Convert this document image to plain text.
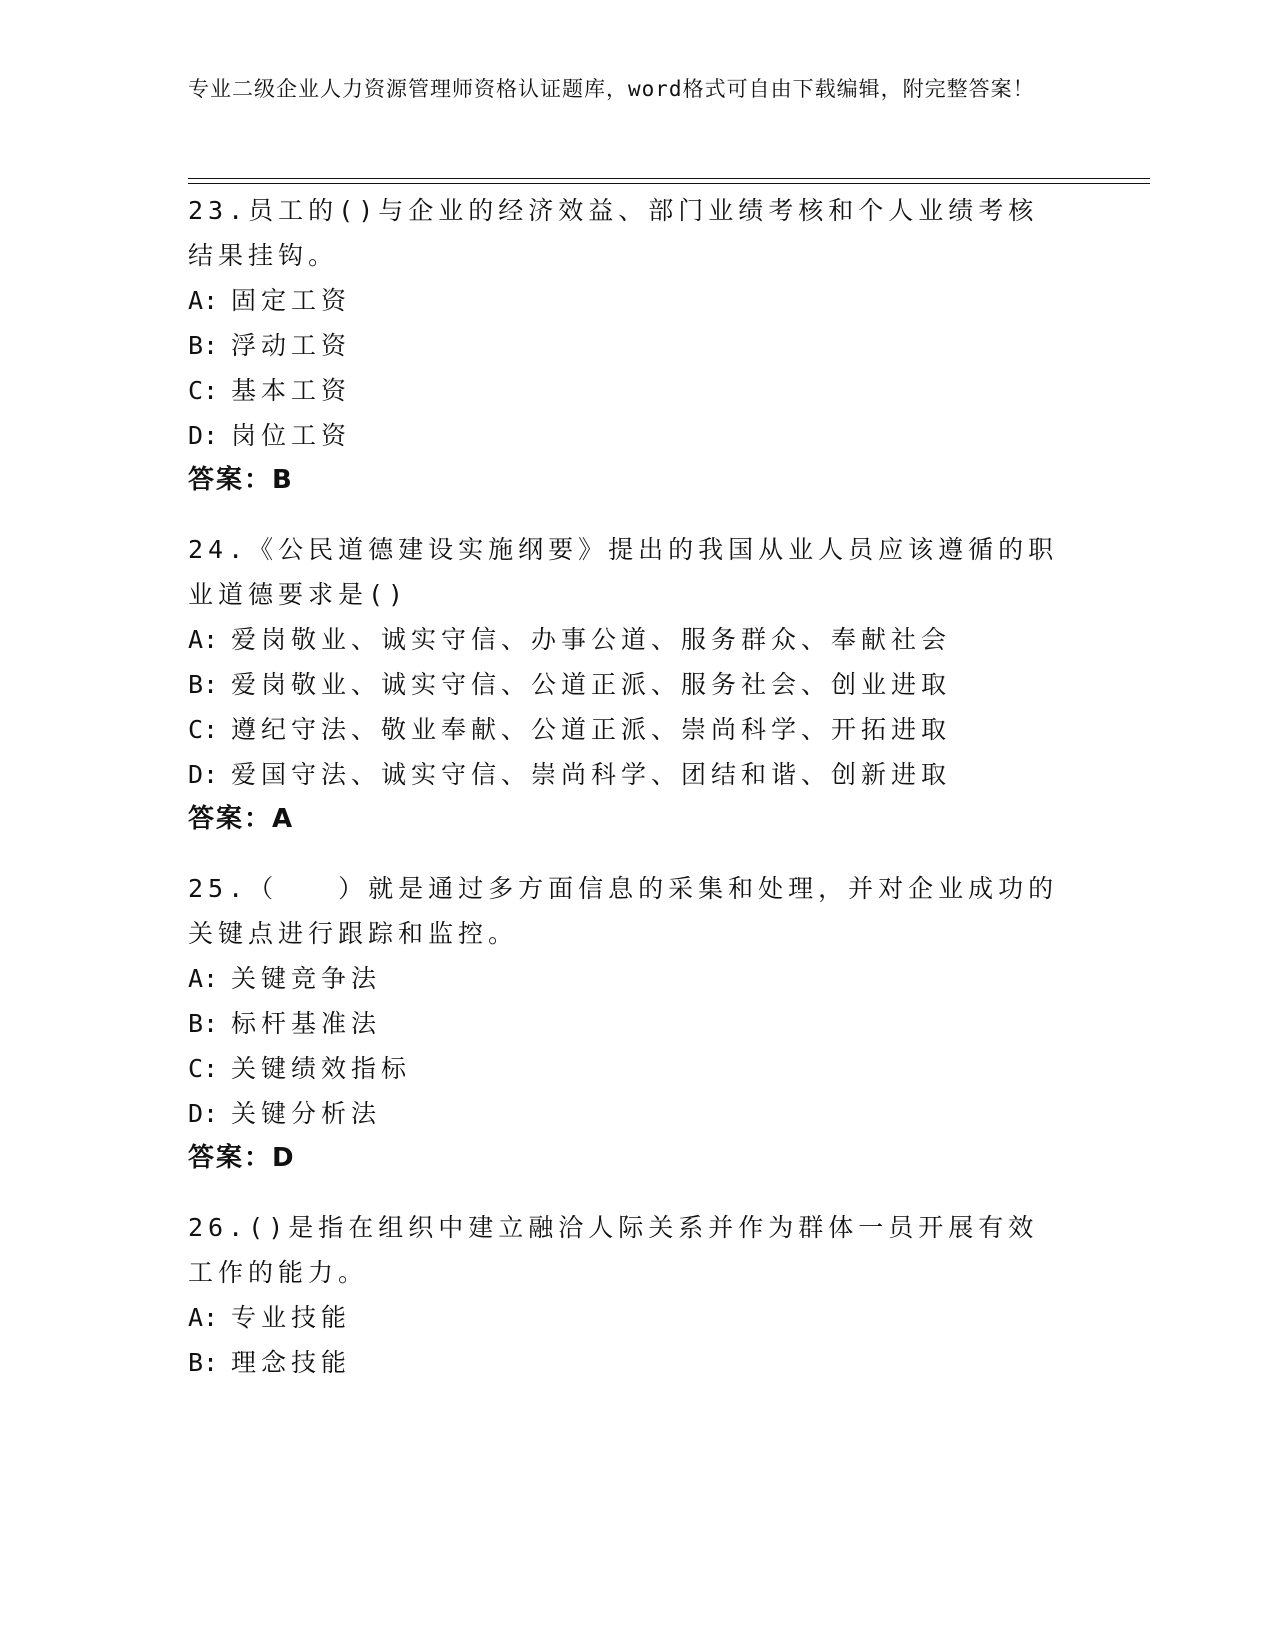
专业二级企业人力资源管理师资格认证题库，word格式可自由下载编辑，附完整答案！
23.员工的()与企业的经济效益、部门业绩考核和个人业绩考核结果挂钩。
A: 固定工资
B: 浮动工资
C: 基本工资
D: 岗位工资
答案：B
24.《公民道德建设实施纲要》提出的我国从业人员应该遵循的职业道德要求是()
A: 爱岗敬业、诚实守信、办事公道、服务群众、奉献社会
B: 爱岗敬业、诚实守信、公道正派、服务社会、创业进取
C: 遵纪守法、敬业奉献、公道正派、崇尚科学、开拓进取
D: 爱国守法、诚实守信、崇尚科学、团结和谐、创新进取
答案：A
25.（　　）就是通过多方面信息的采集和处理，并对企业成功的关键点进行跟踪和监控。
A: 关键竞争法
B: 标杆基准法
C: 关键绩效指标
D: 关键分析法
答案：D
26.()是指在组织中建立融洽人际关系并作为群体一员开展有效工作的能力。
A: 专业技能
B: 理念技能
